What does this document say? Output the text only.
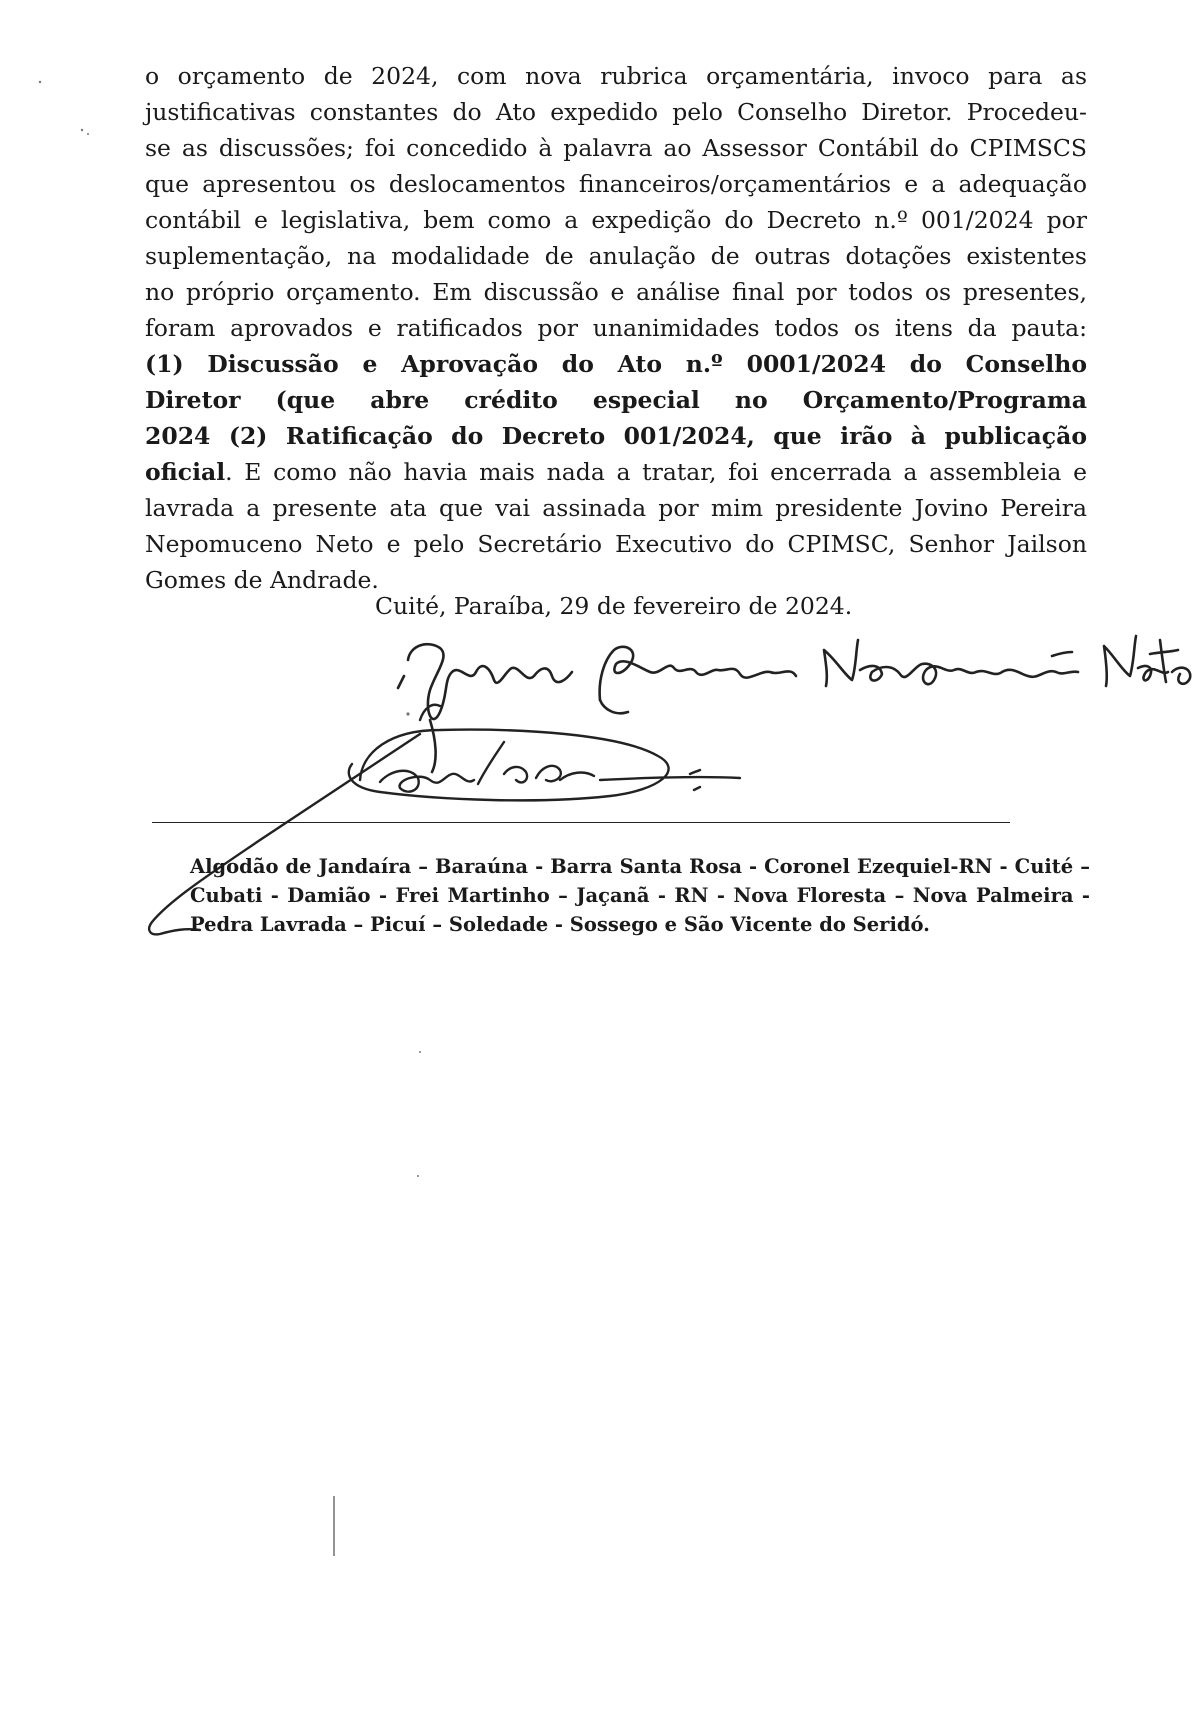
o orçamento de 2024, com nova rubrica orçamentária, invoco para as
justificativas constantes do Ato expedido pelo Conselho Diretor. Procedeu-
se as discussões; foi concedido à palavra ao Assessor Contábil do CPIMSCS
que apresentou os deslocamentos financeiros/orçamentários e a adequação
contábil e legislativa, bem como a expedição do Decreto n.º 001/2024 por
suplementação, na modalidade de anulação de outras dotações existentes
no próprio orçamento. Em discussão e análise final por todos os presentes,
foram aprovados e ratificados por unanimidades todos os itens da pauta:
(1) Discussão e Aprovação do Ato n.º 0001/2024 do Conselho
Diretor (que abre crédito especial no Orçamento/Programa
2024 (2) Ratificação do Decreto 001/2024, que irão à publicação
oficial. E como não havia mais nada a tratar, foi encerrada a assembleia e
lavrada a presente ata que vai assinada por mim presidente Jovino Pereira
Nepomuceno Neto e pelo Secretário Executivo do CPIMSC, Senhor Jailson
Gomes de Andrade.
Cuité, Paraíba, 29 de fevereiro de 2024.
Algodão de Jandaíra – Baraúna - Barra Santa Rosa - Coronel Ezequiel-RN - Cuité –
Cubati - Damião - Frei Martinho – Jaçanã - RN - Nova Floresta – Nova Palmeira -
Pedra Lavrada – Picuí – Soledade - Sossego e São Vicente do Seridó.
